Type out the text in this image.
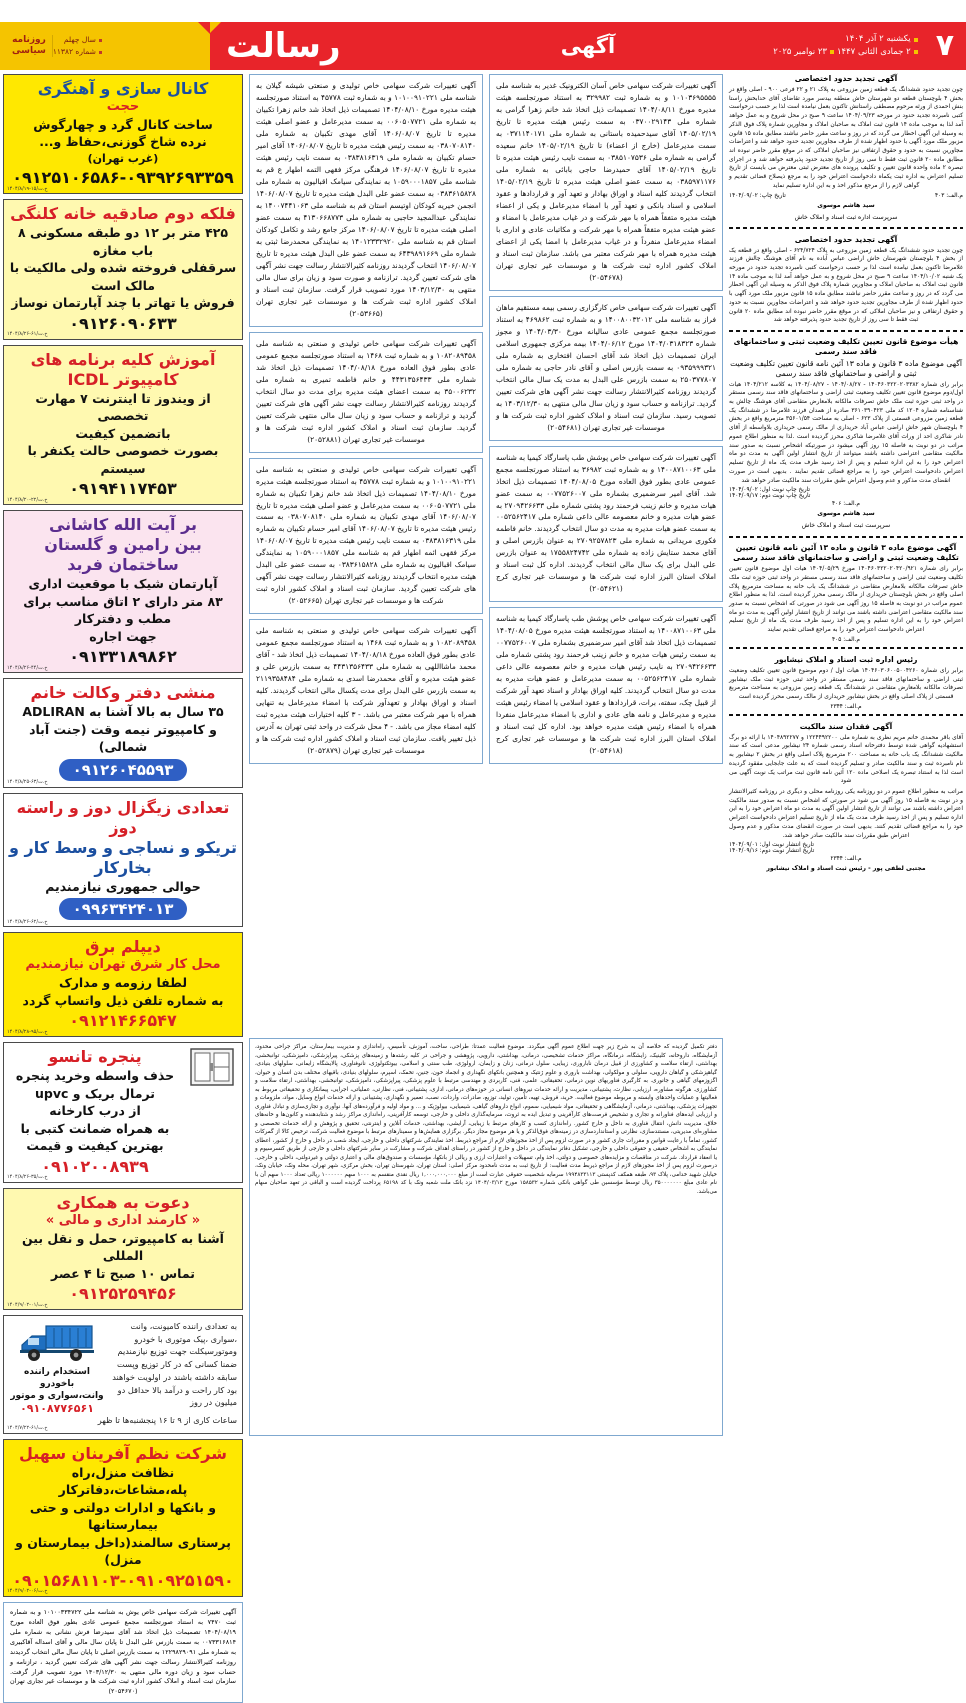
۷
یکشنبه ۲ آذر ۱۴۰۴
۲ جمادی الثانی ۱۴۴۷
۲۳ نوامبر ۲۰۲۵
آگهی
رسالت
سال چهلم
شماره ۱۱۳۸۲
روزنامه
سیاسی
آگهی تجدید حدود اختصاصی

چون تجدید حدود ششدانگ یک قطعه زمین مزروعی به پلاک ۲۱ و ۲۲ فرعی ۹۰۰ - اصلی واقع در بخش ۴ بلوچستان قطعه دو شهرستان خاش منطقه بیدسر مورد تقاضای آقای خدابخش راستا بنش احمدی از ورثه مرحوم مصطفی راستانش تاکنون بعمل نیامده است لذا بر حسب درخواست کتبی نامبرده تجدید حدود در مورخه ۱۴۰۴/۰۹/۲۳ ساعت ۹ صبح در محل شروع و به عمل خواهد آمد لذا به موجب ماده ۱۴ قانون ثبت املاک به صاحبان املاک و مجاورین شماره پلاک فوق الذکر به وسیله این آگهی اخطار می گردد که در روز و ساعت مقرر حاضر نباشند مطابق ماده ۱۵ قانون مزبور ملک مورد آگهی با حدود اظهار شده از طرف مجاورین تجدید حدود خواهد شد و اعتراضات مجاورین نسبت به حدود و حقوق ارتفاقی نیز صاحبان املاکی که در موقع مقرر حاضر نبوده اند مطابق ماده ۲۰ قانون ثبت فقط تا سی روز از تاریخ تجدید حدود پذیرفته خواهد شد و در اجرای تبصره ۲ ماده واحده قانون تعیین و تکلیف پرونده های معترض ثبتی معترض می بایست از تاریخ تسلیم اعتراض به اداره ثبت یکماه دادخواست اعتراض خود را به مرجع ذیصلاح قضائی تقدیم و گواهی لازم را از مرجع مذکور اخذ و به این اداره تسلیم نماید

م.الف: ۴۰۳
تاریخ چاپ: ۱۴۰۴/۰۹/۰۲
سید هاشم موسوی
سرپرست اداره ثبت اسناد و املاک خاش
آگهی تجدید حدود اختصاصی

چون تجدید حدود ششدانگ یک قطعه زمین مزروعی به پلاک ۶۲۴/۷۲۴ - اصلی واقع در قطعه یک از بخش ۴ بلوچستان شهرستان خاش اراضی عباس آباده به نام آقای هوشنگ چالش فرزند غلامرضا تاکنون بعمل نیامده است لذا بر حسب درخواست کتبی نامبرده تجدید حدود در مورخه یک شنبه ۱۴۰۴/۱۰/۰۲ ساعت ۹ صبح در محل شروع و به عمل خواهد آمد لذا به موجب ماده ۱۴ قانون ثبت املاک به صاحبان املاک و مجاورین شماره پلاک فوق الذکر به وسیله این آگهی اخطار می گردد که در روز و ساعت مقرر حاضر نباشند مطابق ماده ۱۵ قانون مزبور ملک مورد آگهی با حدود اظهار شده از طرف مجاورین تجدید حدود خواهد شد و اعتراضات مجاورین نسبت به حدود و حقوق ارتفاقی و نیز صاحبان املاکی که در موقع مقرر حاضر نبوده اند مطابق ماده ۲۰ قانون ثبت فقط تا سی روز از تاریخ تجدید حدود پذیرفته خواهد شد

هیأت موضوع قانون تعیین تکلیف وضعیت ثبتی و ساختمانهای فاقد سند رسمی
آگهی موضوع ماده ۳ قانون و ماده ۱۳ آئین نامه قانون تعیین تکلیف وضعیت ثبتی و اراضی و ساختمانهای فاقد سند رسمی

برابر رای شماره ۱۴۰۴۶۰۳۲۲۰۲۰۳۳۸۲ - ۱۴۰۴/۰۸/۲۷ - ۱۴۰۴/۰۸/۲۷ به کلاسه ۱۴۰۴/۲۱۲ هیات اول/دوم موضوع قانون تعیین تکلیف وضعیت ثبتی اراضی و ساختمانهای فاقد سند رسمی مستقر در واحد ثبتی حوزه ثبت ملک خاش تصرفات مالکانه بلامعارض متقاضی آقای هوشنگ چالش به شناسنامه شماره ۱۲۰۴ کد ملی ۳۶۱۰۳۹۰۴۲۳ صادره از همدان فرزند غلامرضا در ششدانگ یک قطعه زمین مزروعی قسمتی از پلاک ۶۲۳ - اصلی به مساحت ۳۵۶۰۱/۵۴ مترمربع واقع در بخش ۴ بلوچستان شهر خاش اراضی عباس آباد خریداری از مالک رسمی خریداری بلاواسطه از آقای نادر شاکری احد از وراث آقای غلامرضا شاکری محرز گردیده است .لذا به منظور اطلاع عموم مراتب در دو نوبت به فاصله ۱۵ روز آگهی میشود در صورتیکه اشخاص نسبت به صدور سند مالکیت متقاضی اعتراضی داشته باشند میتوانند از تاریخ انتشار اولین آگهی به مدت دو ماه اعتراض خود را به این اداره تسلیم و پس از اخذ رسید ظرف مدت یک ماه از تاریخ تسلیم اعتراض دادخواست اعتراض خود را به مراجع قضائی تقدیم نمایند . بدیهی است در صورت انقضای مدت مذکور و عدم وصول اعتراض طبق مقررات سند مالکیت صادر خواهد شد

تاریخ چاپ نوبت اول: ۱۴۰۴/۰۹/۰۲
تاریخ چاپ نوبت دوم: ۱۴۰۴/۰۹/۱۷
م.الف: ۴۰۶
سید هاشم موسوی
سرپرست ثبت اسناد و املاک خاش
آگهی موضوع ماده ۳ قانون و ماده ۱۳ آئین نامه قانون تعیین تکلیف وضعیت ثبتی و اراضی و ساختمانهای فاقد سند رسمی

برابر رای شماره ۱۴۰۴۶۰۳۲۲۰۲۰۴۲۰/۹۲۱ مورخ ۱۴۰۴/۰۵/۲۹ هیات اول موضوع قانون تعیین تکلیف وضعیت ثبتی اراضی و ساختمانهای فاقد سند رسمی مستقر در واحد ثبتی حوزه ثبت ملک خاش تصرفات مالکانه بلامعارض متقاضی در ششدانگ یک باب خانه به مساحت مترمربع پلاک اصلی واقع در بخش بلوچستان خریداری از مالک رسمی محرز گردیده است. لذا به منظور اطلاع عموم مراتب در دو نوبت به فاصله ۱۵ روز آگهی می شود در صورتی که اشخاص نسبت به صدور سند مالکیت متقاضی اعتراضی داشته باشند می توانند از تاریخ انتشار اولین آگهی به مدت دو ماه اعتراض خود را به این اداره تسلیم و پس از اخذ رسید ظرف مدت یک ماه از تاریخ تسلیم اعتراض دادخواست اعتراض خود را به مراجع قضائی تقدیم نمایند

م.الف: ۴۰۵
رئیس اداره ثبت اسناد و املاک نیشابور

برابر رای شماره ۱۴۰۴۶۰۳۰۶۰۰۵۰۰۴۲۶۰ هیات اول / دوم موضوع قانون تعیین تکلیف وضعیت ثبتی اراضی و ساختمانهای فاقد سند رسمی مستقر در واحد ثبتی حوزه ثبت ملک نیشابور تصرفات مالکانه بلامعارض متقاضی در ششدانگ یک قطعه زمین مزروعی به مساحت مترمربع قسمتی از پلاک اصلی واقع در بخش نیشابور خریداری از مالک رسمی محرز گردیده است

م.الف: ۲۳۴۴
آگهی فقدان سند مالکیت

آقای باقر محمدی خانم مریم نظری به شماره ملی ۱۲۲۴۴۹۲۲۰۰ و ۱۴۰۴۸۹۲۲۷۷ با ارائه دو برگ استشهادیه گواهی شده توسط دفترخانه اسناد رسمی شماره ۲۴ نیشابور مدعی است که سند مالکیت ششدانگ یک باب خانه به مساحت ۲۰۰ مترمربع پلاک اصلی واقع در بخش ۲ نیشابور به نام نامبرده ثبت و سند مالکیت صادر و تسلیم گردیده است که به علت جابجایی مفقود گردیده است لذا به استناد تبصره یک اصلاحی ماده ۱۲۰ آئین نامه قانون ثبت مراتب یک نوبت آگهی می شود

مراتب به منظور اطلاع عموم در دو روزنامه یکی روزنامه محلی و دیگری در روزنامه کثیرالانتشار و در نوبت به فاصله ۱۵ روز آگهی می شود در صورتی که اشخاص نسبت به صدور سند مالکیت اعتراض داشته باشند می توانند از تاریخ انتشار اولین آگهی به مدت دو ماه اعتراض خود را به این اداره تسلیم و پس از اخذ رسید ظرف مدت یک ماه از تاریخ تسلیم اعتراض دادخواست اعتراض خود را به مراجع قضائی تقدیم کنند. بدیهی است در صورت انقضای مدت مذکور و عدم وصول اعتراض طبق مقررات سند مالکیت صادر خواهد شد.

تاریخ انتشار نوبت اول: ۱۴۰۴/۰۹/۰۱
تاریخ انتشار نوبت دوم: ۱۴۰۴/۰۹/۱۶
م.الف: ۲۳۴۴
مجتبی لطفی پور - رئیس ثبت اسناد و املاک نیشابور

آگهی تغییرات شرکت سهامی خاص آسان الکترونیک غدیر به شناسه ملی ۱۰۱۰۳۶۹۵۵۵۵ و به شماره ثبت ۳۲۹۹۸۲ به استناد صورتجلسه هیئت مدیره مورخ ۱۴۰۴/۰۸/۱۱ تصمیمات ذیل اتخاذ شد خانم زهرا گرامی به شماره ملی ۰۳۷۰۰۲۹۱۴۳ به سمت رئیس هیئت مدیره تا تاریخ ۱۴۰۵/۰۲/۱۹ آقای سیدحمیده باستانی به شماره ملی ۰۳۷۱۱۴۰۱۷۱ به سمت مدیرعامل (خارج از اعضاء) تا تاریخ ۱۴۰۵/۰۲/۱۹ خانم سعیده گرامی به شماره ملی ۰۳۸۵۱۰۷۵۳۶ به سمت نایب رئیس هیئت مدیره تا تاریخ ۱۴۰۵/۰۲/۱۹ آقای حمیدرضا حاجی بابائی به شماره ملی ۰۳۸۵۹۷۱۱۷۶ به سمت عضو اصلی هیئت مدیره تا تاریخ ۱۴۰۵/۰۲/۱۹ انتخاب گردیدند کلیه اسناد و اوراق بهادار و تعهد آور و قراردادها و عقود اسلامی و اسناد بانکی و تعهد آور با امضاء مدیرعامل و یکی از اعضاء هیئت مدیره متفقاً همراه با مهر شرکت و در غیاب مدیرعامل با امضاء و عضو هیئت مدیره متفقاً همراه با مهر شرکت و مکاتبات عادی و اداری با امضاء مدیرعامل منفرداً و در غیاب مدیرعامل با امضا یکی از اعضای هیئت مدیره همراه با مهر شرکت معتبر می باشد. سازمان ثبت اسناد و املاک کشور اداره ثبت شرکت ها و موسسات غیر تجاری تهران (۲۰۵۴۶۷۸)

آگهی تغییرات شرکت سهامی خاص کارگزاری رسمی بیمه مستقیم ماهان فراز به شناسه ملی ۱۴۰۰۸۰۰۳۲۰۱۲ و به شماره ثبت ۴۶۹۸۶۲ به استناد صورتجلسه مجمع عمومی عادی سالیانه مورخ ۱۴۰۴/۰۳/۳۰ و مجوز شماره ۱۴۰۴/۰۳۱۸۳۲۳ مورخ ۱۴۰۴/۰۶/۱۲ بیمه مرکزی جمهوری اسلامی ایران تصمیمات ذیل اتخاذ شد آقای احسان افتخاری به شماره ملی ۰۹۳۵۹۹۹۳۲۱ به سمت بازرس اصلی و آقای نادر حاجی به شماره ملی ۲۵۰۳۷۷۸۰۷ به سمت بازرس علی البدل به مدت یک سال مالی انتخاب گردیدند روزنامه کثیرالانتشار رسالت جهت نشر آگهی های شرکت تعیین گردید. ترازنامه و حساب سود و زیان سال مالی منتهی به ۱۴۰۳/۱۲/۳۰ به تصویب رسید. سازمان ثبت اسناد و املاک کشور اداره ثبت شرکت ها و موسسات غیر تجاری تهران (۲۰۵۴۶۸۱)

آگهی تغییرات شرکت سهامی خاص پوشش طب پاسارگاد کیمیا به شناسه ملی ۱۴۰۰۸۷۱۰۰۶۳ و به شماره ثبت ۳۶۹۸۲ به استناد صورتجلسه مجمع عمومی عادی بطور فوق العاده مورخ ۱۴۰۴/۰۸/۰۵ تصمیمات ذیل اتخاذ شد. آقای امیر سرضمیری بشماره ملی ۰۰۷۷۵۲۶۰۰۷ به سمت عضو هیات مدیره و خانم زینب فرحمند رود پشتی شماره ملی ۲۷۰۹۴۲۶۶۳۳ به عضو هیات مدیره و خانم معصومه عالی داعی شماره ملی ۰۰۵۲۵۶۲۴۱۷ به سمت عضو هیات مدیره به مدت دو سال انتخاب گردیدند. خانم فاطمه فکوری مریدانی به شماره ملی ۲۷۰۹۲۵۷۸۲۳ به عنوان بازرس اصلی و آقای محمد ستایش زاده به شماره ملی ۱۷۵۵۸۲۴۷۴۲ به عنوان بازرس علی البدل برای یک سال مالی انتخاب گردیدند. اداره کل ثبت اسناد و املاک استان البرز اداره ثبت شرکت ها و موسسات غیر تجاری کرج (۲۰۵۴۶۲۱)

آگهی تغییرات شرکت سهامی خاص پوشش طب پاسارگاد کیمیا به شناسه ملی ۱۴۰۰۸۷۱۰۰۶۳ به استناد صورتجلسه هیئت مدیره مورخ ۱۴۰۴/۰۸/۰۵ تصمیمات ذیل اتخاذ شد آقای امیر سرضمیری بشماره ملی ۰۰۷۷۵۲۶۰۰۷ به سمت رئیس هیات مدیره و خانم زینب فرحمند رود پشتی شماره ملی ۲۷۰۹۴۲۶۶۳۳ به نایب رئیس هیات مدیره و خانم معصومه عالی داعی شماره ملی ۰۰۵۲۵۶۲۴۱۷ به سمت مدیرعامل و عضو هیات مدیره به مدت دو سال انتخاب گردیدند. کلیه اوراق بهادار و اسناد تعهد آور شرکت از قبیل چک، سفته، برات، قراردادها و عقود اسلامی با امضاء رئیس هیئت مدیره و مدیرعامل و نامه های عادی و اداری با امضاء مدیرعامل منفردا همراه با امضاء رئیس هیئت مدیره خواهد بود. اداره کل ثبت اسناد و املاک استان البرز اداره ثبت شرکت ها و موسسات غیر تجاری کرج (۲۰۵۴۶۱۸)

آگهی تغییرات شرکت سهامی خاص تولیدی و صنعتی شیشه گیلان به شناسه ملی ۱۰۱۰۰۹۱۰۲۲۱ و به شماره ثبت ۴۵۷۷۸ به استناد صورتجلسه هیئت مدیره مورخ ۱۴۰۴/۰۸/۱۰ تصمیمات ذیل اتخاذ شد خانم زهرا تکبیان به شماره ملی ۰۰۶۰۵۰۷۷۲۱ به سمت مدیرعامل و عضو اصلی هیئت مدیره تا تاریخ ۱۴۰۶/۰۸/۰۷ آقای مهدی تکبیان به شماره ملی ۰۳۸۰۷۰۸۱۴۰ به سمت رئیس هیئت مدیره تا تاریخ ۱۴۰۶/۰۸/۰۷ آقای امیر حسام تکبیان به شماره ملی ۰۳۸۳۸۱۶۳۱۹ به سمت نایب رئیس هیئت مدیره تا تاریخ ۱۴۰۶/۰۸/۰۷ فرهنگی مرکز فقهی التمه اطهار ع قم به شناسه ملی ۱۰۵۹۰۰۰۱۸۵۷ به نمایندگی سیامک اقبالیون به شماره ملی ۰۳۸۳۶۱۵۸۲۸ به سمت عضو علی البدل هیئت مدیره تا تاریخ ۱۴۰۶/۰۸/۰۷ انجمن خیریه کودکان اوتیسم استان قم به شناسه ملی ۱۴۰۰۷۴۴۱۰۶۳ به نمایندگی عبدالمجید حاجبی به شماره ملی ۴۱۳۰۶۶۸۷۷۳ به سمت عضو اصلی هیئت مدیره تا تاریخ ۱۴۰۶/۰۸/۰۷ مرکز جامع رشد و تکامل کودکان استان قم به شناسه ملی ۱۴۰۱۲۳۳۲۹۲۰ به نمایندگی محمدرضا ثبتی به شماره ملی ۶۴۳۹۸۹۱۶۶۹ به سمت عضو علی البدل هیئت مدیره تا تاریخ ۱۴۰۶/۰۸/۰۷ انتخاب گردیدند روزنامه کثیرالانتشار رسالت جهت نشر آگهی های شرکت تعیین گردید. ترازنامه و صورت سود و زیان برای سال مالی منتهی به ۱۴۰۳/۱۲/۳۰ مورد تصویب قرار گرفت. سازمان ثبت اسناد و املاک کشور اداره ثبت شرکت ها و موسسات غیر تجاری تهران (۲۰۵۳۶۶۵)

آگهی تغییرات شرکت سهامی خاص تولیدی و صنعتی به شناسه ملی ۱۰۸۲۰۸۹۴۵۸ و به شماره ثبت ۱۴۶۸ به استناد صورتجلسه مجمع عمومی عادی بطور فوق العاده مورخ ۱۴۰۴/۰۸/۱۸ تصمیمات ذیل اتخاذ شد شماره ملی ۴۴۳۱۳۵۶۴۳۳ و خانم فاطمه تمیری به شماره ملی ۳۵۰۰۶۲۳۲ به سمت اعضای هیئت مدیره برای مدت دو سال انتخاب گردیدند روزنامه کثیرالانتشار رسالت جهت نشر آگهی های شرکت تعیین گردید و ترازنامه و حساب سود و زیان سال مالی منتهی شرکت تعیین گردید. سازمان ثبت اسناد و املاک کشور اداره ثبت شرکت ها و موسسات غیر تجاری تهران (۲۰۵۲۸۸۱)

آگهی تغییرات شرکت سهامی خاص تولیدی و صنعتی به شناسه ملی ۱۰۱۰۰۹۱۰۲۲۱ و به شماره ثبت ۴۵۷۷۸ به استناد صورتجلسه هیئت مدیره مورخ ۱۴۰۴/۰۸/۱۰ تصمیمات ذیل اتخاذ شد خانم زهرا تکبیان به شماره ملی ۰۰۶۰۵۰۷۷۲۱ به سمت مدیرعامل و عضو اصلی هیئت مدیره تا تاریخ ۱۴۰۶/۰۸/۰۷ آقای مهدی تکبیان به شماره ملی ۰۳۸۰۷۰۸۱۴۰ به سمت رئیس هیئت مدیره تا تاریخ ۱۴۰۶/۰۸/۰۷ آقای امیر حسام تکبیان به شماره ملی ۰۳۸۳۸۱۶۳۱۹ به سمت نایب رئیس هیئت مدیره تا تاریخ ۱۴۰۶/۰۸/۰۷ مرکز فقهی ائمه اطهار قم به شناسه ملی ۱۰۵۹۰۰۰۱۸۵۷ به نمایندگی سیامک اقبالیون به شماره ملی ۰۳۸۳۶۱۵۸۲۸ به سمت عضو علی البدل هیئت مدیره انتخاب گردیدند روزنامه کثیرالانتشار رسالت جهت نشر آگهی های شرکت تعیین گردید. سازمان ثبت اسناد و املاک کشور اداره ثبت شرکت ها و موسسات غیر تجاری تهران (۲۰۵۲۶۶۵)

آگهی تغییرات شرکت سهامی خاص تولیدی و صنعتی به شناسه ملی ۱۰۸۲۰۸۹۴۵۸ و به شماره ثبت ۱۴۶۸ به استناد صورتجلسه مجمع عمومی عادی بطور فوق العاده مورخ ۱۴۰۴/۰۸/۱۸ تصمیمات ذیل اتخاذ شد - آقای محمد ماشااللهی به شماره ملی ۴۴۳۱۳۵۶۴۳۳ به سمت بازرس علی و عضو هیئت مدیره و آقای محمدرضا اسدی به شماره ملی ۲۱۱۹۳۵۸۴۸۴ به سمت بازرس علی البدل برای مدت یکسال مالی انتخاب گردیدند. کلیه اسناد و اوراق بهادار و تعهدآور شرکت با امضاء مدیرعامل به تنهایی همراه با مهر شرکت معتبر می باشد. - ۳ کلیه اختیارات هیئت مدیره ثبت کلیه امضاء مجاز می باشد. - ۴ محل شرکت در واحد ثبتی تهران به آدرس ذیل تغییر یافت. سازمان ثبت اسناد و املاک کشور اداره ثبت شرکت ها و موسسات غیر تجاری تهران (۲۰۵۲۸۷۹)

کانال سازی و آهنگری
حجت
ساخت کانال گرد و چهارگوش
نرده شاخ گوزنی،حفاظ و...
(غرب تهران)
۰۹۱۲۵۱۰۶۵۸۶-۰۹۳۹۲۶۹۳۳۵۹
خ.ت/۱۵-۱۴۰۴/۸/۱۹
فلکه دوم صادقیه خانه کلنگی
۴۲۵ متر بر ۱۲ دو طبقه مسکونی ۸ باب مغازه
سرقفلی فروخته شده ولی مالکیت با مالک است
فروش یا تهاتر با چند آپارتمان نوساز
۰۹۱۲۶۰۹۰۶۳۳
خ.ت/۶۱-۱۴۰۴/۸/۲۶
آموزش کلیه برنامه های
کامپیوتر ICDL
از ویندوز تا اینترنت ۷ مهارت تخصصی
باتضمین کیفیت
بصورت خصوصی حالت یکنفر با سیستم
۰۹۱۹۴۱۱۷۴۵۳
خ.ت/۲۲-۱۴۰۴/۸/۲۰
بر آیت الله کاشانی
بین رامین و گلستان ساختمان فربد
آپارتمان شیک با موقعیت اداری
۸۳ متر دارای ۲ اتاق مناسب برای مطب و دفترکار
جهت اجاره
۰۹۱۳۳۱۸۹۸۶۲
خ.ت/۴۴-۱۴۰۴/۸/۲۶
منشی دفتر وکالت خانم
۳۵ سال به بالا آشنا به ADLIRAN
و کامپیوتر نیمه وقت (جنت آباد شمالی)
۰۹۱۲۶۰۴۵۵۹۳
خ.ت/۶۳-۱۴۰۴/۸/۲۵
تعدادی زیگزال دوز و راسته دوز
تریکو و نساجی و وسط کار و بخارکار
حوالی جمهوری نیازمندیم
۰۹۹۶۳۴۲۴۰۱۳
خ.ت/۶۲-۱۴۰۴/۸/۲۶
دیپلم برق
محل کار شرق تهران نیازمندیم
لطفا رزومه و مدارک
به شماره تلفن ذیل واتساپ گردد
۰۹۱۲۱۴۶۶۵۴۷
خ.ت/۹۵-۱۴۰۴/۸/۲۸
پنجره تانسو
حذف واسطه وخرید پنجره ترمال بریک و upvc
از درب کارخانه
به همراه ضمانت کتبی با بهترین کیفیت و قیمت
۰۹۱۰۲۰۰۸۹۳۹
خ.ت/۳۵-۱۴۰۴/۸/۲۶
دعوت به همکاری
« کارمند اداری و مالی »
آشنا به کامپیوتر، حمل و نقل بین المللی
تماس ۱۰ صبح تا ۴ عصر
۰۹۱۲۵۲۵۹۴۵۶
خ.ت/۰۱-۱۴۰۴/۹/۰۲
به تعدادی راننده کامیونت، وانت ،سواری ،پیک موتوری با خودرو وموتورسیکلت جهت توزیع نیازمندیم ضمنا کسانی که در کار توزیع وپست سابقه داشته باشند در اولویت خواهند بود کار راحت و درآمد بالا حداقل دو میلیون در روز
استخدام راننده باخودرو
وانت،سواری و موتور
۰۹۱۰۸۷۷۶۵۶۱
ساعات کاری از ۹ تا ۱۶ پنجشنبه‌ها تا ظهر
خ.ت/۶۱-۱۴۰۴/۷/۲۲
شرکت نظم آفرینان سهیل
نظافت منزل،راه پله،مشاعات،دفاترکار
و بانکها و ادارات دولتی و حتی بیمارستانها
پرستاری سالمند(داخل بیمارستان و منزل)
۰۹۰۱۵۶۸۱۱۰۳-۰۹۱۰۹۲۵۱۵۹۰
خ.ت/۰۶-۱۴۰۴/۹/۰۲

آگهی تغییرات شرکت سهامی خاص یوش به شناسه ملی ۱۰۱۰۰۳۳۴۷۲۲ و به شماره ثبت ۷۴۷۰ به استناد صورتجلسه مجمع عمومی عادی بطور فوق العاده مورخ ۱۴۰۴/۰۸/۱۹ تصمیمات ذیل اتخاذ شد آقای سیدرضا فرش نشانی به شماره ملی ۰۰۷۳۳۱۶۸۱۴ به سمت بازرس علی البدل تا پایان سال مالی و آقای اسداله آقاکبیری به شماره ملی ۱۲۲۹۸۲۹۰۹۱ به سمت بازرس اصلی تا پایان سال مالی انتخاب گردیدند روزنامه کثیرالانتشار رسالت جهت نشر آگهی های شرکت تعیین گردید ، ترازنامه و حساب سود و زیان دوره مالی منتهی به ۱۴۰۳/۱۲/۳۰ مورد تصویب قرار گرفت. سازمان ثبت اسناد و املاک کشور اداره ثبت شرکت ها و موسسات غیر تجاری تهران (۲۰۵۴۶۷۰)

دفتر تکمیل گردیده که خلاصه آن به شرح زیر جهت اطلاع عموم آگهی میگردد. موضوع فعالیت عمدتا: طراحی، ساخت، آموزش، تأسیس، راه‌اندازی و مدیریت بیمارستان، مراکز جراحی محدود، آزمایشگاه، داروخانه، کلینیک، زایشگاه، درمانگاه، مراکز خدمات تشخیصی، درمانی، بهداشتی، دارویی، پژوهشی و جراحی در کلیه رشته‌ها و زمینه‌های پزشکی، پیراپزشکی، دامپزشکی، توانبخشی، بهداشتی، ارتقاء سلامت و کشاورزی از قبیل درمان ناباروری، زیبایی، سلول درمانی، زنان و زایمان، ارولوژی، طب سنتی و اسلامی، بیوتکنولوژی، نانوفناوری، پالایشگاه زایمانی، سلولهای بنیادی، گیاهپزشکی و گیاهان دارویی، سلولی و مولکولی، بهداشت باروری و علوم ژنتیک و همچنین بانکهای نگهداری و انجماد خون، جنین، تخمک، اسپرم، سلولهای بنیادی، باقیهای مختلف بدن انسان و حیوان، اگزوزمهای گیاهی و جانوری. به کارگیری فناوریهای نوین درمانی، تحقیقاتی، علمی، فنی، کاربردی و مهندسی مرتبط با علوم پزشکی، پیراپزشکی، دامپزشکی، توانبخشی، بهداشتی، ارتقاء سلامت و کشاورزی. هرگونه مشاوره، ارزیابی، نظارت، پشتیبانی، مدیریت و ارائه خدمات نیروهای انسانی در حوزه‌های درمانی، اداری، پشتیبانی، فنی، نظارتی، عملیاتی، اجرایی، پیمانکاری و تحقیقاتی مربوط به فعالیتها و عملیات واحدهای وابسته و مربوطه موضوع فعالیت. خرید، فروش، تهیه، تأمین، تولید، توزیع، صادرات، واردات، نصب، تعمیر و نگهداری، پشتیبانی و ارائه خدمات انواع وسایل، مواد، ملزومات و تجهیزات پزشکی، بهداشتی، درمانی، آزمایشگاهی و تحقیقاتی، مواد شیمیایی، سموم، انواع داروهای گیاهی، شیمیایی، بیولوژیک و ... و مواد اولیه و فرآورده‌های آنها. نوآوری و تجاری‌سازی و تبادل فناوری و ارزیابی ایده‌های فناورانه و تجاری و تشخیص فرصت‌های کارآفرینی و تبدیل ایده به ثروت، سرمایه‌گذاری داخلی و خارجی، توسعه کارآفرینی، راه‌اندازی مراکز رشد و شتابدهنده و کانون‌ها و خانه‌های خلاق، مدیریت دانش، انتقال فناوری به داخل و خارج کشور. راه‌اندازی کسب و کارهای مرتبط با زیبایی، آرایشی، بهداشتی، خدمات آنلاین و اینترنتی، تحقیق و پژوهش و ارائه خدمات تخصصی و مشاوره‌ای مدیریتی، مستندسازی، نظارتی و استانداردسازی در زمینه‌های فوق‌الذکر و یا هر موضوع مجاز دیگر. برگزاری همایش‌ها و سمینارهای مرتبط با موضوع فعالیت شرکت، ترخیص کالا از گمرکات کشور، تماماً با رعایت قوانین و مقررات جاری کشور و در صورت لزوم پس از اخذ مجوزهای لازم از مراجع ذیربط. اخذ نمایندگی شرکتهای داخلی و خارجی، ایجاد شعب در داخل و خارج از کشور، اعطای نمایندگی به اشخاص حقیقی و حقوقی داخلی و خارجی، تشکیل دفاتر نمایندگی در داخل و خارج از کشور در راستای اهداف شرکت و مشارکت در سایر شرکتهای داخلی و خارجی از طریق کنسرسیوم و یا انعقاد قرارداد. شرکت در مناقصات و مزایده‌های خصوصی و دولتی، اخذ وام، تسهیلات و اعتبارات ارزی و ریالی از بانکها، مؤسسات و صندوق‌های مالی و اعتباری دولتی و غیردولتی، داخلی و خارجی. درصورت لزوم پس از اخذ مجوزهای لازم از مراجع ذیربط مدت فعالیت: از تاریخ ثبت به مدت نامحدود مرکز اصلی: استان تهران، شهرستان تهران، بخش مرکزی، شهر تهران، محله ونک، خیابان ونک، خیابان شهید خدامی، پلاک ۹۳، طبقه همکف کدپستی ۱۹۹۴۸۳۳۱۱۳ سرمایه شخصیت حقوقی عبارت است از مبلغ ۱,۰۰۰,۰۰۰,۰۰۰ ریال نقدی منقسم به ۱۰۰۰ سهم ۱۰۰۰۰۰۰ ریالی تعداد ۱۰۰۰ سهم آن با نام عادی مبلغ ۳۵۰۰۰۰۰۰۰ ریال توسط مؤسسین طی گواهی بانکی شماره ۱۵۸۵۳۲ مورخ ۱۴۰۴/۰۳/۱۲ نزد بانک ملت شعبه ونک با کد ۶۵۱۹۸ پرداخت گردیده است و الباقی در تعهد صاحبان سهام می‌باشد.
